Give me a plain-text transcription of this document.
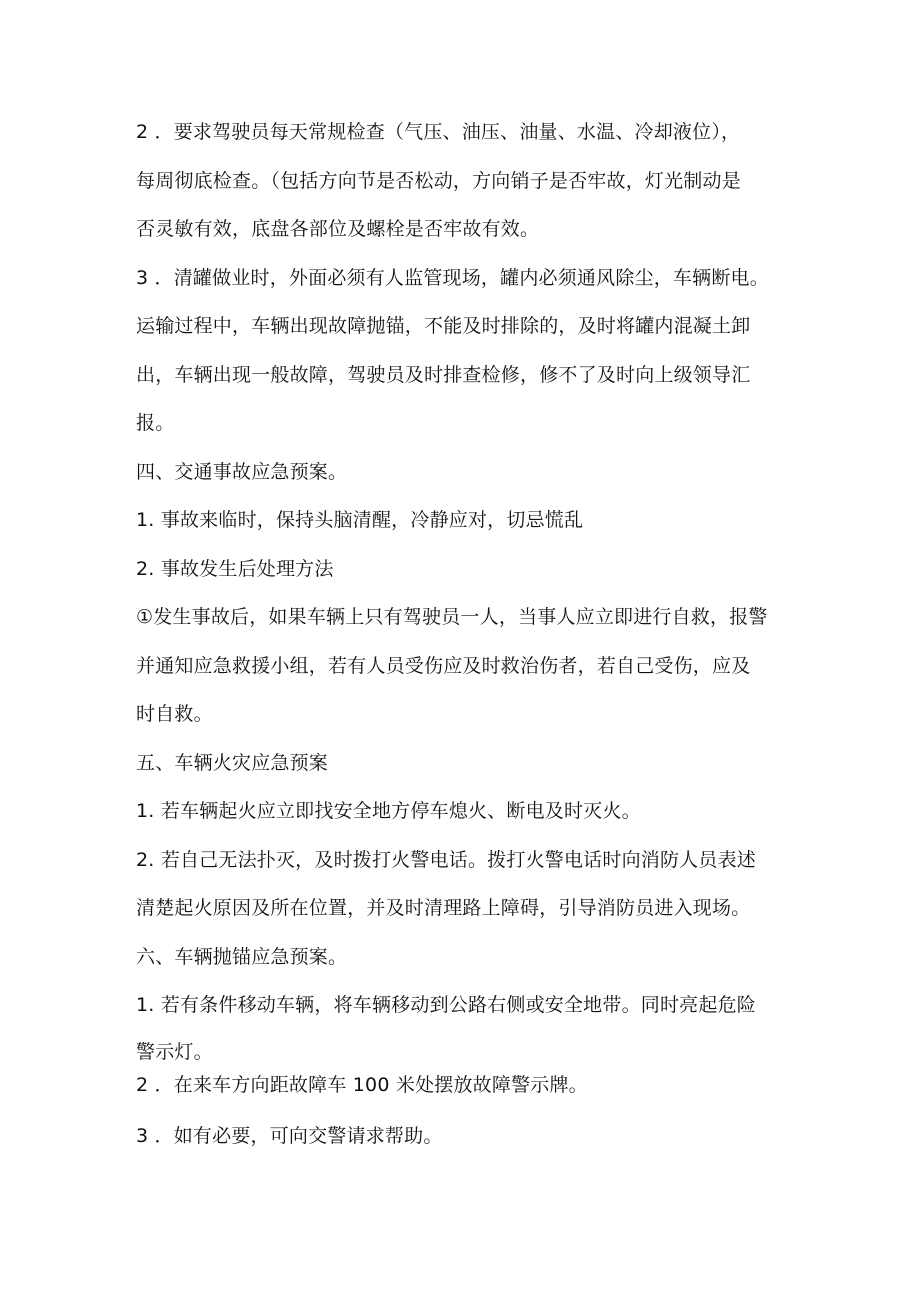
2 ．要求驾驶员每天常规检查（气压、油压、油量、水温、冷却液位），
每周彻底检查。（包括方向节是否松动，方向销子是否牢故，灯光制动是
否灵敏有效，底盘各部位及螺栓是否牢故有效。
3 ．清罐做业时，外面必须有人监管现场，罐内必须通风除尘，车辆断电。
运输过程中，车辆出现故障抛锚，不能及时排除的，及时将罐内混凝土卸
出，车辆出现一般故障，驾驶员及时排查检修，修不了及时向上级领导汇
报。
四、交通事故应急预案。
1. 事故来临时，保持头脑清醒，冷静应对，切忌慌乱
2. 事故发生后处理方法
①发生事故后，如果车辆上只有驾驶员一人，当事人应立即进行自救，报警
并通知应急救援小组，若有人员受伤应及时救治伤者，若自己受伤，应及
时自救。
五、车辆火灾应急预案
1. 若车辆起火应立即找安全地方停车熄火、断电及时灭火。
2. 若自己无法扑灭，及时拨打火警电话。拨打火警电话时向消防人员表述
清楚起火原因及所在位置，并及时清理路上障碍，引导消防员进入现场。
六、车辆抛锚应急预案。
1. 若有条件移动车辆，将车辆移动到公路右侧或安全地带。同时亮起危险
警示灯。
2 ．在来车方向距故障车 100 米处摆放故障警示牌。
3 ．如有必要，可向交警请求帮助。
